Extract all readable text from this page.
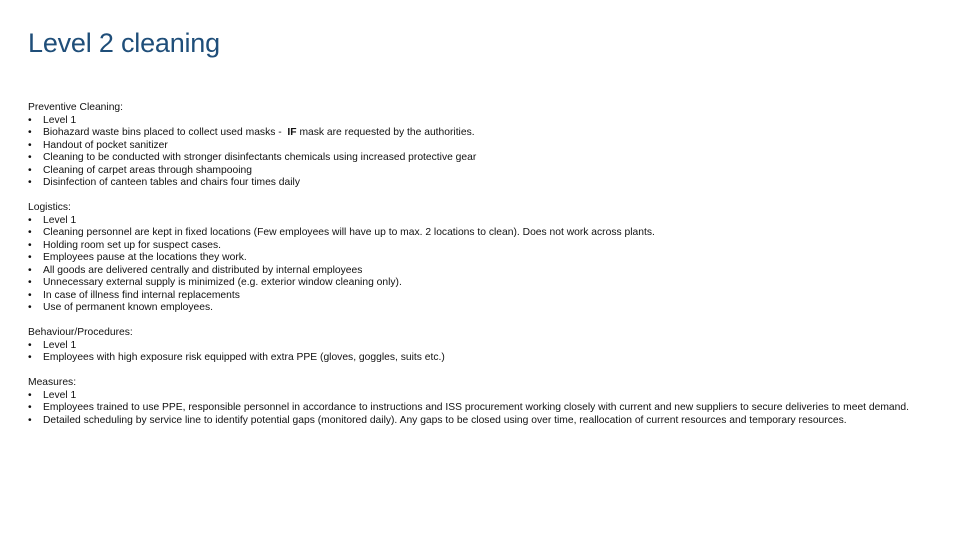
Level 2 cleaning
Preventive Cleaning:
•	Level 1
•	Biohazard waste bins placed to collect used masks - IF mask are requested by the authorities.
•	Handout of pocket sanitizer
•	Cleaning to be conducted with stronger disinfectants chemicals using increased protective gear
•	Cleaning of carpet areas through shampooing
•	Disinfection of canteen tables and chairs four times daily
Logistics:
•	Level 1
•	Cleaning personnel are kept in fixed locations (Few employees will have up to max. 2 locations to clean). Does not work across plants.
•	Holding room set up for suspect cases.
•	Employees pause at the locations they work.
•	All goods are delivered centrally and distributed by internal employees
•	Unnecessary external supply is minimized (e.g. exterior window cleaning only).
•	In case of illness find internal replacements
•	Use of permanent known employees.
Behaviour/Procedures:
•	Level 1
•	Employees with high exposure risk equipped with extra PPE (gloves, goggles, suits etc.)
Measures:
•	Level 1
•	Employees trained to use PPE, responsible personnel in accordance to instructions and ISS procurement working closely with current and new suppliers to secure deliveries to meet demand.
•	Detailed scheduling by service line to identify potential gaps (monitored daily). Any gaps to be closed using over time, reallocation of current resources and temporary resources.
